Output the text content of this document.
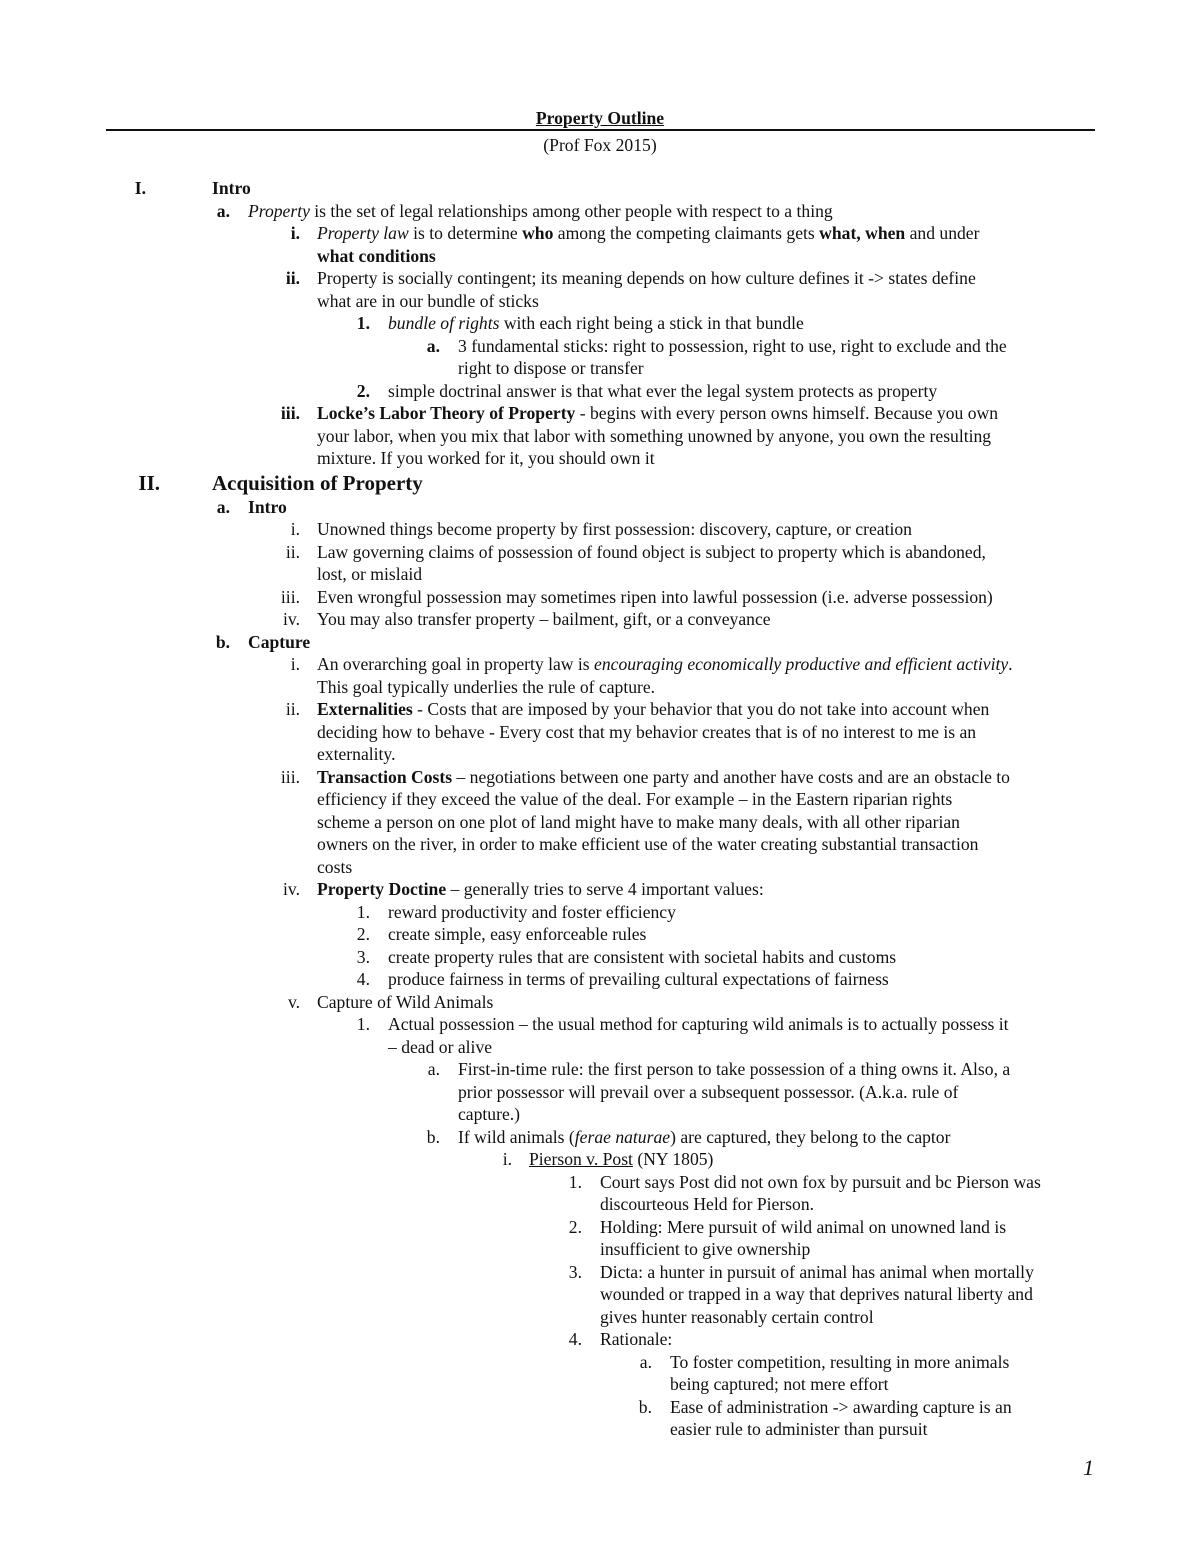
Property Outline
(Prof Fox 2015)
I.	Intro
a. Property is the set of legal relationships among other people with respect to a thing
i. Property law is to determine who among the competing claimants gets what, when and under
what conditions
ii. Property is socially contingent; its meaning depends on how culture defines it -> states define
what are in our bundle of sticks
1. bundle of rights with each right being a stick in that bundle
a. 3 fundamental sticks: right to possession, right to use, right to exclude and the
right to dispose or transfer
2. simple doctrinal answer is that what ever the legal system protects as property
iii. Locke’s Labor Theory of Property - begins with every person owns himself. Because you own
your labor, when you mix that labor with something unowned by anyone, you own the resulting
mixture. If you worked for it, you should own it
II. Acquisition of Property
a. Intro
i. Unowned things become property by first possession: discovery, capture, or creation
ii. Law governing claims of possession of found object is subject to property which is abandoned,
lost, or mislaid
iii. Even wrongful possession may sometimes ripen into lawful possession (i.e. adverse possession)
iv. You may also transfer property – bailment, gift, or a conveyance
b. Capture
i. An overarching goal in property law is encouraging economically productive and efficient activity.
This goal typically underlies the rule of capture.
ii. Externalities - Costs that are imposed by your behavior that you do not take into account when
deciding how to behave - Every cost that my behavior creates that is of no interest to me is an
externality.
iii. Transaction Costs – negotiations between one party and another have costs and are an obstacle to
efficiency if they exceed the value of the deal. For example – in the Eastern riparian rights
scheme a person on one plot of land might have to make many deals, with all other riparian
owners on the river, in order to make efficient use of the water creating substantial transaction
costs
iv. Property Doctine – generally tries to serve 4 important values:
1. reward productivity and foster efficiency
2. create simple, easy enforceable rules
3. create property rules that are consistent with societal habits and customs
4. produce fairness in terms of prevailing cultural expectations of fairness
v. Capture of Wild Animals
1. Actual possession – the usual method for capturing wild animals is to actually possess it
– dead or alive
a. First-in-time rule: the first person to take possession of a thing owns it. Also, a
prior possessor will prevail over a subsequent possessor. (A.k.a. rule of
capture.)
b. If wild animals (ferae naturae) are captured, they belong to the captor
i. Pierson v. Post (NY 1805)
1. Court says Post did not own fox by pursuit and bc Pierson was
discourteous Held for Pierson.
2. Holding: Mere pursuit of wild animal on unowned land is
insufficient to give ownership
3. Dicta: a hunter in pursuit of animal has animal when mortally
wounded or trapped in a way that deprives natural liberty and
gives hunter reasonably certain control
4. Rationale:
a. To foster competition, resulting in more animals
being captured; not mere effort
b. Ease of administration -> awarding capture is an
easier rule to administer than pursuit
1
